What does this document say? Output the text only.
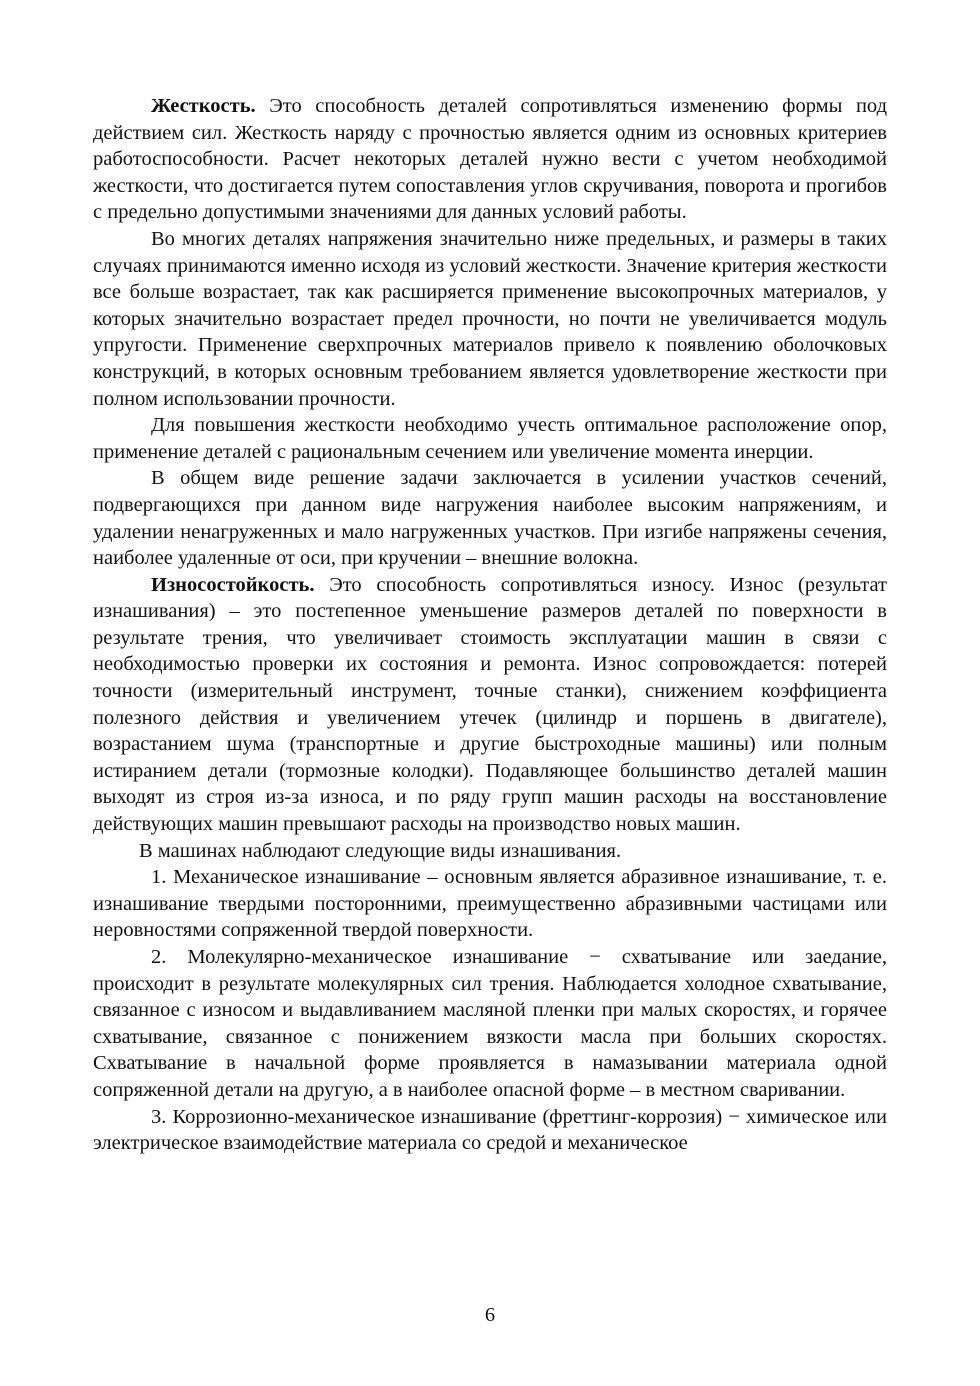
Жесткость. Это способность деталей сопротивляться изменению формы под действием сил. Жесткость наряду с прочностью является одним из основных критериев работоспособности. Расчет некоторых деталей нужно вести с учетом необходимой жесткости, что достигается путем сопоставления углов скручивания, поворота и прогибов с предельно допустимыми значениями для данных условий работы.

Во многих деталях напряжения значительно ниже предельных, и размеры в таких случаях принимаются именно исходя из условий жесткости. Значение критерия жесткости все больше возрастает, так как расширяется применение высокопрочных материалов, у которых значительно возрастает предел прочности, но почти не увеличивается модуль упругости. Применение сверхпрочных материалов привело к появлению оболочковых конструкций, в которых основным требованием является удовлетворение жесткости при полном использовании прочности.

Для повышения жесткости необходимо учесть оптимальное расположение опор, применение деталей с рациональным сечением или увеличение момента инерции.

В общем виде решение задачи заключается в усилении участков сечений, подвергающихся при данном виде нагружения наиболее высоким напряжениям, и удалении ненагруженных и мало нагруженных участков. При изгибе напряжены сечения, наиболее удаленные от оси, при кручении – внешние волокна.

Износостойкость. Это способность сопротивляться износу. Износ (результат изнашивания) – это постепенное уменьшение размеров деталей по поверхности в результате трения, что увеличивает стоимость эксплуатации машин в связи с необходимостью проверки их состояния и ремонта. Износ сопровождается: потерей точности (измерительный инструмент, точные станки), снижением коэффициента полезного действия и увеличением утечек (цилиндр и поршень в двигателе), возрастанием шума (транспортные и другие быстроходные машины) или полным истиранием детали (тормозные колодки). Подавляющее большинство деталей машин выходят из строя из-за износа, и по ряду групп машин расходы на восстановление действующих машин превышают расходы на производство новых машин.

В машинах наблюдают следующие виды изнашивания.

1. Механическое изнашивание – основным является абразивное изнашивание, т. е. изнашивание твердыми посторонними, преимущественно абразивными частицами или неровностями сопряженной твердой поверхности.

2. Молекулярно-механическое изнашивание − схватывание или заедание, происходит в результате молекулярных сил трения. Наблюдается холодное схватывание, связанное с износом и выдавливанием масляной пленки при малых скоростях, и горячее схватывание, связанное с понижением вязкости масла при больших скоростях. Схватывание в начальной форме проявляется в намазывании материала одной сопряженной детали на другую, а в наиболее опасной форме – в местном сваривании.

3. Коррозионно-механическое изнашивание (фреттинг-коррозия) − химическое или электрическое взаимодействие материала со средой и механическое

6
